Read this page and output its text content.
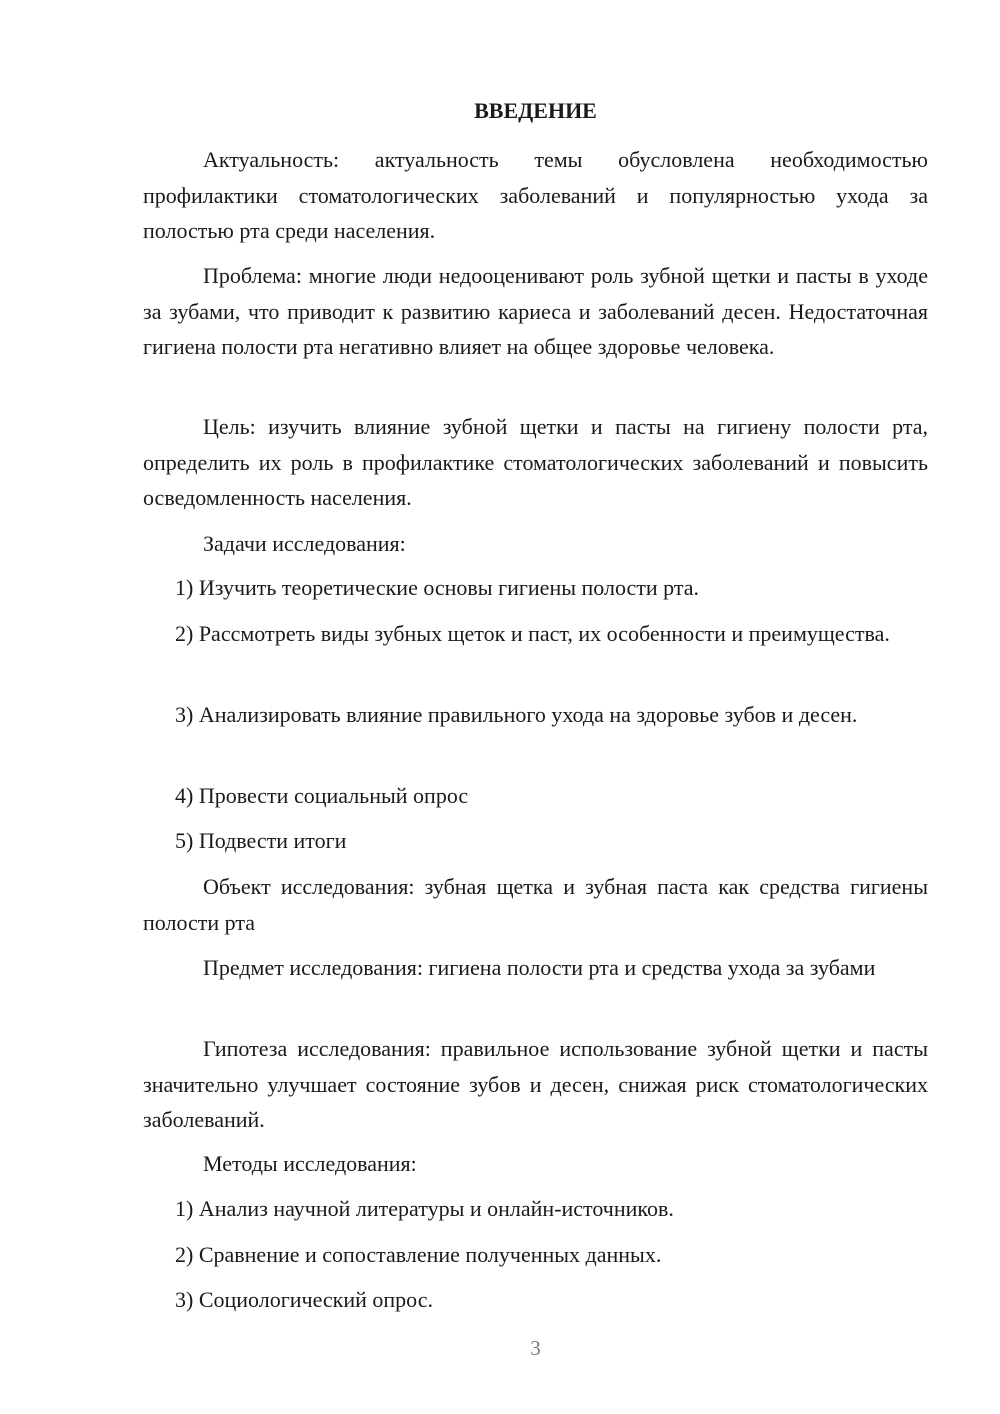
ВВЕДЕНИЕ

Актуальность: актуальность темы обусловлена необходимостью профилактики стоматологических заболеваний и популярностью ухода за полостью рта среди населения.

Проблема: многие люди недооценивают роль зубной щетки и пасты в уходе за зубами, что приводит к развитию кариеса и заболеваний десен. Недостаточная гигиена полости рта негативно влияет на общее здоровье человека.

Цель: изучить влияние зубной щетки и пасты на гигиену полости рта, определить их роль в профилактике стоматологических заболеваний и повысить осведомленность населения.

Задачи исследования:

1) Изучить теоретические основы гигиены полости рта.

2) Рассмотреть виды зубных щеток и паст, их особенности и преимущества.

3) Анализировать влияние правильного ухода на здоровье зубов и десен.

4) Провести социальный опрос

5) Подвести итоги

Объект исследования: зубная щетка и зубная паста как средства гигиены полости рта

Предмет исследования: гигиена полости рта и средства ухода за зубами

Гипотеза исследования: правильное использование зубной щетки и пасты значительно улучшает состояние зубов и десен, снижая риск стоматологических заболеваний.

Методы исследования:

1) Анализ научной литературы и онлайн-источников.

2) Сравнение и сопоставление полученных данных.

3) Социологический опрос.

3
